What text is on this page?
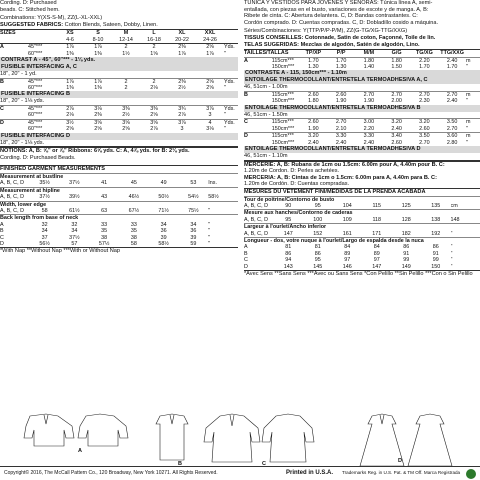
Cording. D: Purchased
beads. C: Stitched hem.
Combinations: Y(XS-S-M), ZZ(L-XL-XXL)
SUGGESTED FABRICS: Cotton Blends, Sateen, Dobby, Linen.
SIZES		XS	S	M	L	XL	XXL	
		4-6	8-10	12-14	16-18	20-22	24-26	
A	45"***	1⅞	1⅞	2	2	2⅜	2⅝	Yds.
	60"***	1⅜	1⅜	1½	1⅝	1⅞	1⅞	"

CONTRAST A - 45", 60"*** - 1⅛ yds.								

FUSIBLE INTERFACING A, C								

18", 20" - 1 yd.								

B	45"***	1⅞	1⅞	2	2	2⅜	2⅝	Yds.
	60"***	1⅜	1⅜	2	2⅛	2½	2⅝	"

FUSIBLE INTERFACING B								

18", 20" - 1⅛ yds.								

C	45"***	2⅞	3⅛	3⅜	3⅜	3¾	3⅞	Yds.
	60"***	2⅛	2⅜	2½	2⅝	2⅞	3	"
D	45"***	3½	3⅝	3⅝	3⅝	3⅞	4	Yds.
	60"***	2⅝	2⅝	2⅝	2⅞	3	3⅛	"

FUSIBLE INTERFACING D								

18", 20" - 1⅛ yds.								
NOTIONS: A, B: ⅝" or ⅞" Ribbons: 6⅝ yds. C: A, 4⅞ yds. for B: 2⅛ yds.
Cording. D: Purchased Beads.
FINISHED GARMENT MEASUREMENTS
Measurement at bustline							
A, B, C, D	35½	37½	41	45	49	53	Ins.
Measurement at hipline							
A, B, C, D	37½	39½	43	46½	50½	54½	58½
Width, lower edge							
A, B, C, D	58	61½	63	67½	71½	75½	"
Back length from base of neck							
A	32	32	33	33	34	34	"
B	34	34	35	35	36	36	"
C	37	37½	38	38	39	39	"
D	56½	57	57½	58	58½	59	"
*With Nap **Without Nap ***With or Without Nap
TÚNICA Y VESTIDOS PARA JÓVENES Y SEÑORAS: Túnica línea A, semi-
entallada, con piezas en el busto, variaciones de escote y de manga. A, B:
Ribete de cinta. C: Abertura delantera. C, D: Bandas contrastantes. C:
Cordón comprado. D: Cuentas compradas. C, D: Dobladillo cosido a máquina.
Séries/Combinaciones: Y(TTP/P/P-P/M), ZZ(G-TG/XG-TTG/XXG)
TISSUS CONSEILLÉS: Cotonnade, Satin de coton, Façonné, Toile de lin.
TELAS SUGERIDAS: Mezclas de algodón, Satén de algodón, Lino.
TAILLES/TALLAS		TP/XP	P/P	M/M	G/G	TG/XG	TTG/XXG	
A	115cm***	1.70	1.70	1.80	1.80	2.20	2.40	m
	150cm***	1.30	1.30	1.40	1.50	1.70	1.70	"

CONTRASTE A - 115, 150cm*** - 1.10m								

ENTOILAGE THERMOCOLLANT/ENTRETELA TERMOADHESIVA A, C								

46, 51cm - 1.00m								

B	115cm***	2.60	2.60	2.70	2.70	2.70	2.70	m
	150cm***	1.80	1.90	1.90	2.00	2.30	2.40	"

ENTOILAGE THERMOCOLLANT/ENTRETELA TERMOADHESIVA B								

46, 51cm - 1.50m								

C	115cm***	2.60	2.70	3.00	3.20	3.20	3.50	m
	150cm***	1.90	2.10	2.20	2.40	2.60	2.70	"
D	115cm***	3.20	3.30	3.30	3.40	3.50	3.60	m
	150cm***	2.40	2.40	2.40	2.60	2.70	2.80	"

ENTOILAGE THERMOCOLLANT/ENTRETELA TERMOADHESIVA D								

46, 51cm - 1.10m								
MERCERIE: A, B: Rubans de 1cm ou 1.5cm: 6.00m pour A, 4.40m pour B. C:
1.20m de Cordon. D: Perles achetées.
MERCERÍA: A, B: Cintas de 1cm o 1.5cm: 6.00m para A, 4.40m para B. C:
1.20m de Cordón. D: Cuentas compradas.
MESURES DU VÊTEMENT FINI/MEDIDAS DE LA PRENDA ACABADA
Tour de poitrine/Contorno de busto							
A, B, C, D	90	95	104	115	125	135	cm
Mesure aux hanches/Contorno de caderas							
A, B, C, D	95	100	109	118	128	138	148
Largeur à l'ourlet/Ancho inferior							
A, B, C, D	147	152	161	171	182	192	"
Longueur - dos, votre nuque à l'ourlet/Largo de espalda desde la nuca							
A	81	81	84	84	86	86	"
B	86	86	89	89	91	91	"
C	94	95	97	97	99	99	"
D	143	145	146	147	149	150	"
*Avec Sens **Sans Sens ***Avec ou Sans Sens *Con Pelillo **Sin Pelillo ***Con o Sin Pelillo
A
B	C	D
Copyright© 2016, The McCall Pattern Co., 120 Broadway, New York 10271. All Rights Reserved.	Printed in U.S.A. Trademarks Reg. in U.S. Pat. & TM Off. Marca Registrada
